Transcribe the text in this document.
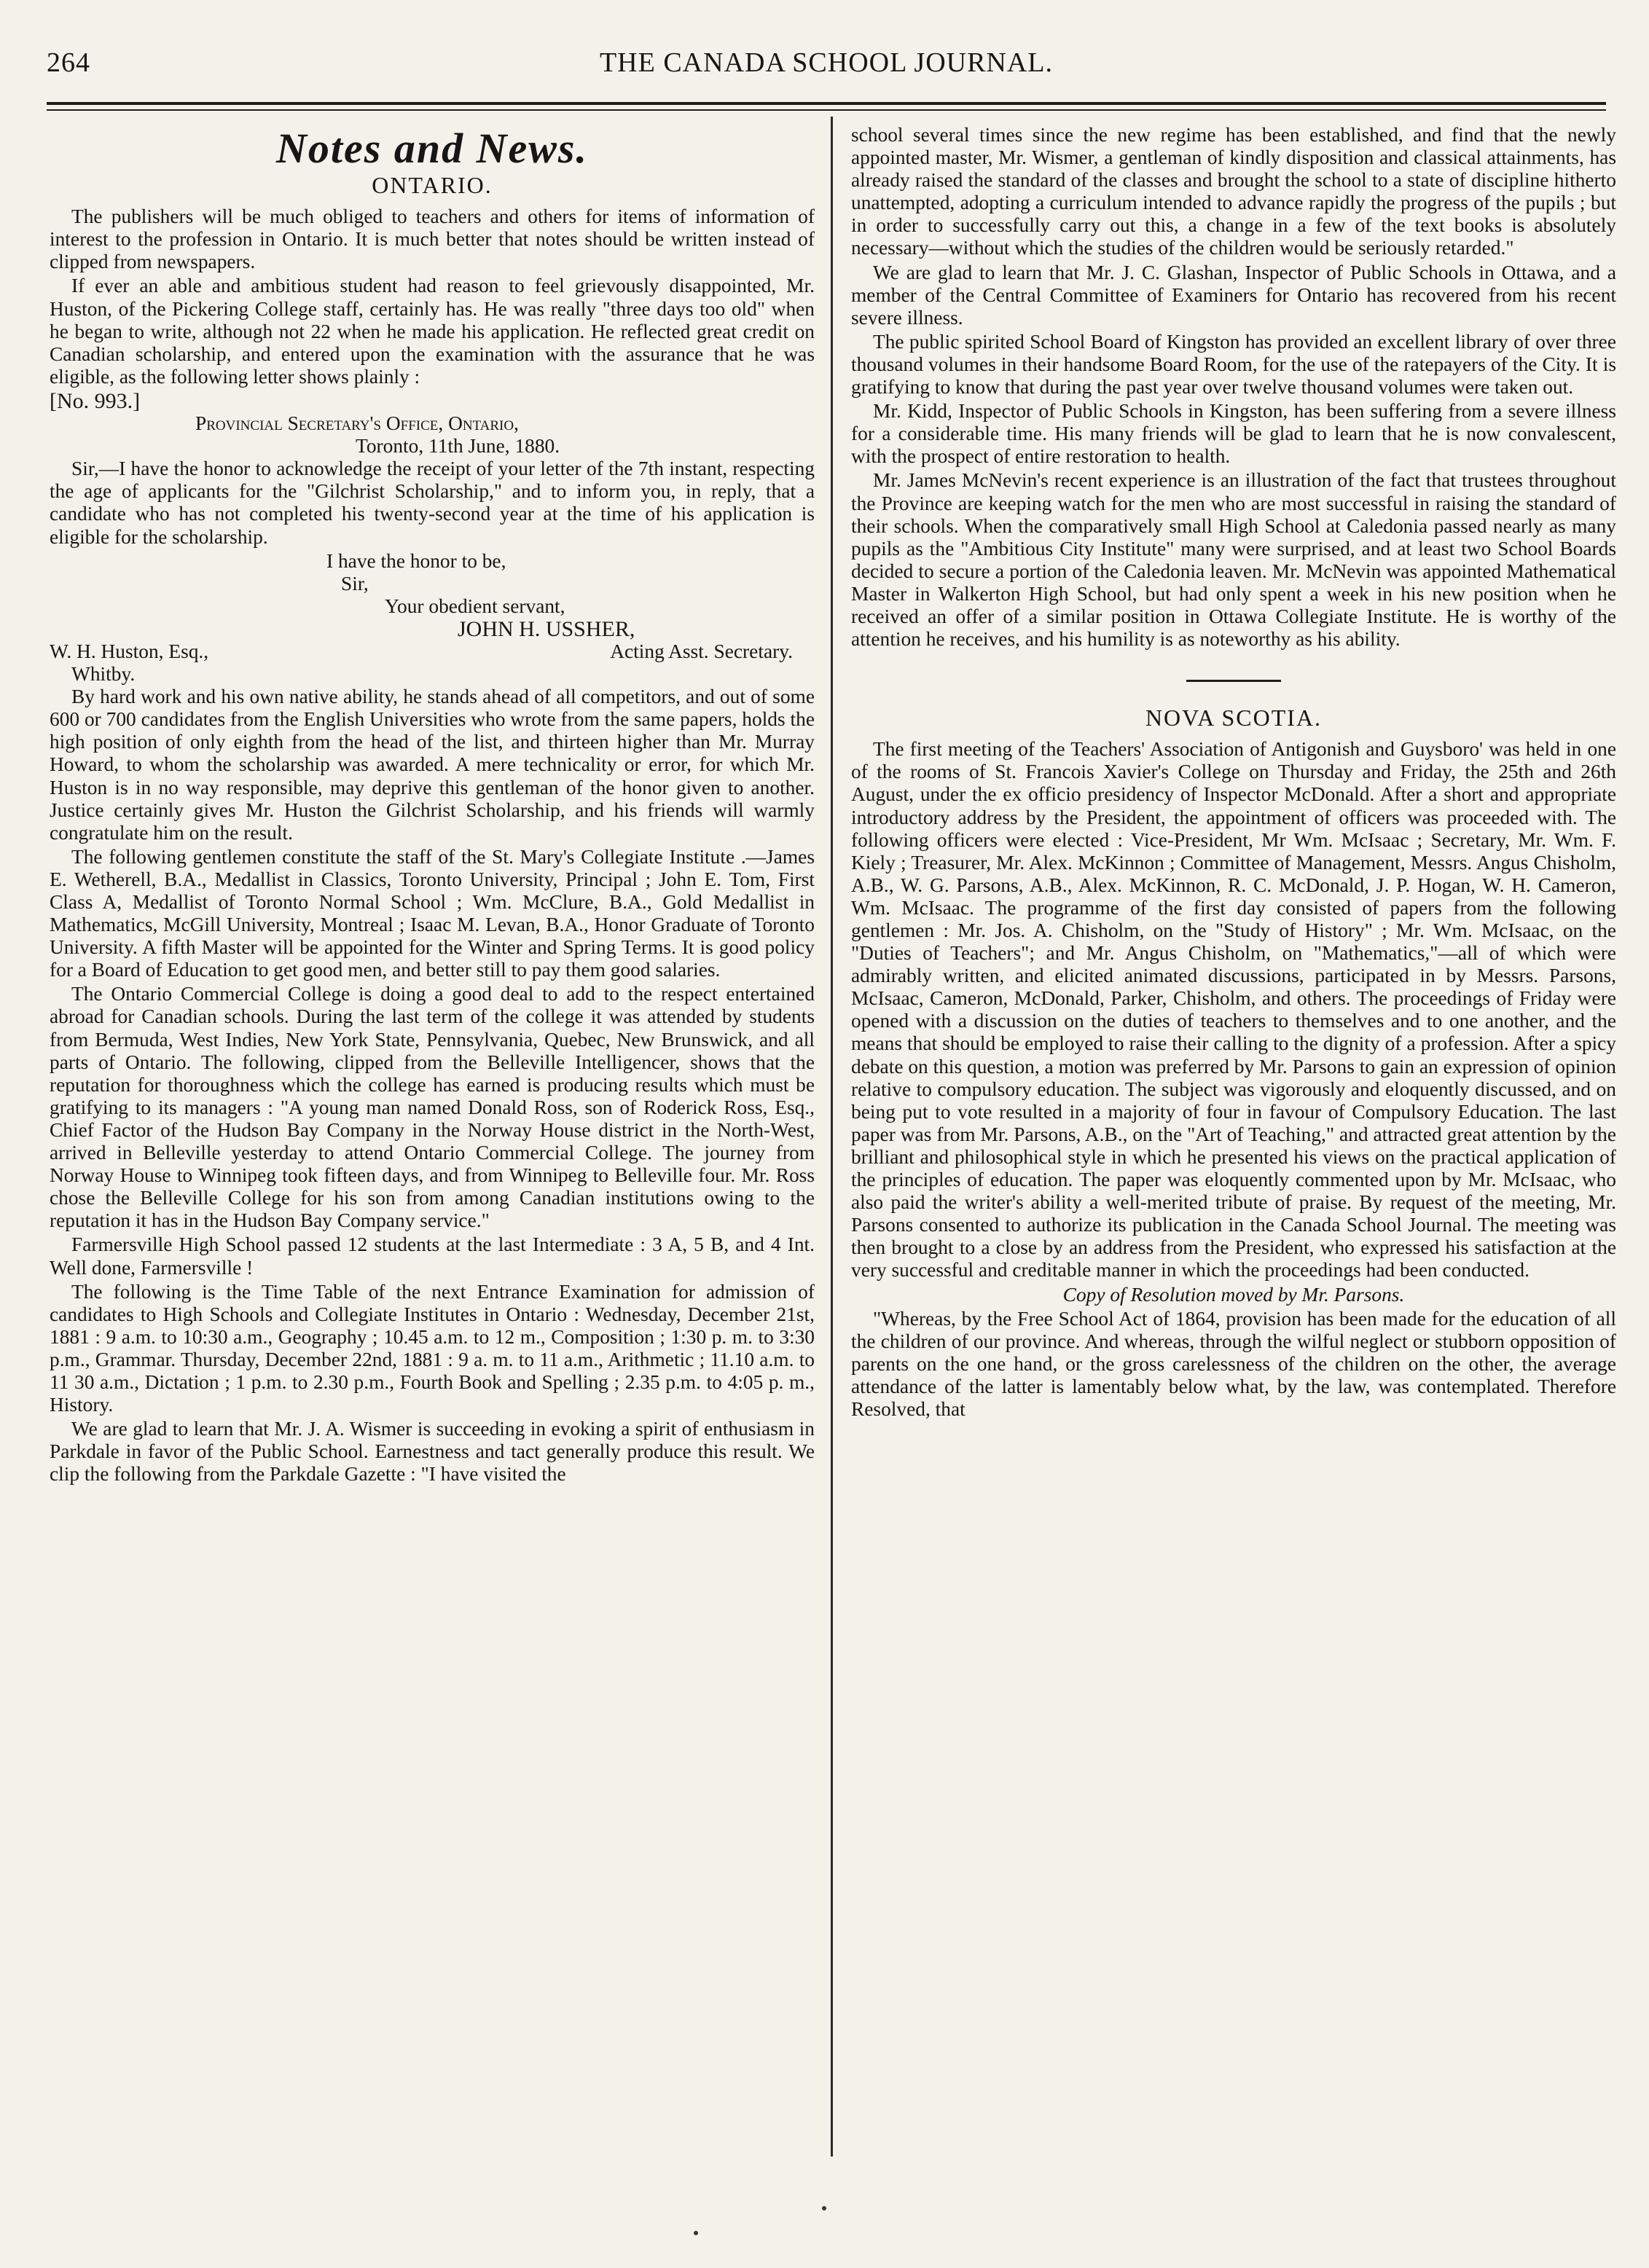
264	THE CANADA SCHOOL JOURNAL.
Notes and News.
ONTARIO.

The publishers will be much obliged to teachers and others for items of information of interest to the profession in Ontario. It is much better that notes should be written instead of clipped from newspapers.

If ever an able and ambitious student had reason to feel grievously disappointed, Mr. Huston, of the Pickering College staff, certainly has. He was really "three days too old" when he began to write, although not 22 when he made his application. He reflected great credit on Canadian scholarship, and entered upon the examination with the assurance that he was eligible, as the following letter shows plainly :

[No. 993.]
Provincial Secretary's Office, Ontario,
Toronto, 11th June, 1880.

Sir,—I have the honor to acknowledge the receipt of your letter of the 7th instant, respecting the age of applicants for the "Gilchrist Scholarship," and to inform you, in reply, that a candidate who has not completed his twenty-second year at the time of his application is eligible for the scholarship.

I have the honor to be,
Sir,
Your obedient servant,
JOHN H. USSHER,
W. H. Huston, Esq.,	Acting Asst. Secretary.
Whitby.

By hard work and his own native ability, he stands ahead of all competitors, and out of some 600 or 700 candidates from the English Universities who wrote from the same papers, holds the high position of only eighth from the head of the list, and thirteen higher than Mr. Murray Howard, to whom the scholarship was awarded. A mere technicality or error, for which Mr. Huston is in no way responsible, may deprive this gentleman of the honor given to another. Justice certainly gives Mr. Huston the Gilchrist Scholarship, and his friends will warmly congratulate him on the result.

The following gentlemen constitute the staff of the St. Mary's Collegiate Institute .—James E. Wetherell, B.A., Medallist in Classics, Toronto University, Principal ; John E. Tom, First Class A, Medallist of Toronto Normal School ; Wm. McClure, B.A., Gold Medallist in Mathematics, McGill University, Montreal ; Isaac M. Levan, B.A., Honor Graduate of Toronto University. A fifth Master will be appointed for the Winter and Spring Terms. It is good policy for a Board of Education to get good men, and better still to pay them good salaries.

The Ontario Commercial College is doing a good deal to add to the respect entertained abroad for Canadian schools. During the last term of the college it was attended by students from Bermuda, West Indies, New York State, Pennsylvania, Quebec, New Brunswick, and all parts of Ontario. The following, clipped from the Belleville Intelligencer, shows that the reputation for thoroughness which the college has earned is producing results which must be gratifying to its managers : "A young man named Donald Ross, son of Roderick Ross, Esq., Chief Factor of the Hudson Bay Company in the Norway House district in the North-West, arrived in Belleville yesterday to attend Ontario Commercial College. The journey from Norway House to Winnipeg took fifteen days, and from Winnipeg to Belleville four. Mr. Ross chose the Belleville College for his son from among Canadian institutions owing to the reputation it has in the Hudson Bay Company service."

Farmersville High School passed 12 students at the last Intermediate : 3 A, 5 B, and 4 Int. Well done, Farmersville !

The following is the Time Table of the next Entrance Examination for admission of candidates to High Schools and Collegiate Institutes in Ontario : Wednesday, December 21st, 1881 : 9 a.m. to 10:30 a.m., Geography ; 10.45 a.m. to 12 m., Composition ; 1:30 p. m. to 3:30 p.m., Grammar. Thursday, December 22nd, 1881 : 9 a. m. to 11 a.m., Arithmetic ; 11.10 a.m. to 11 30 a.m., Dictation ; 1 p.m. to 2.30 p.m., Fourth Book and Spelling ; 2.35 p.m. to 4:05 p. m., History.

We are glad to learn that Mr. J. A. Wismer is succeeding in evoking a spirit of enthusiasm in Parkdale in favor of the Public School. Earnestness and tact generally produce this result. We clip the following from the Parkdale Gazette : "I have visited the

school several times since the new regime has been established, and find that the newly appointed master, Mr. Wismer, a gentleman of kindly disposition and classical attainments, has already raised the standard of the classes and brought the school to a state of discipline hitherto unattempted, adopting a curriculum intended to advance rapidly the progress of the pupils ; but in order to successfully carry out this, a change in a few of the text books is absolutely necessary—without which the studies of the children would be seriously retarded."

We are glad to learn that Mr. J. C. Glashan, Inspector of Public Schools in Ottawa, and a member of the Central Committee of Examiners for Ontario has recovered from his recent severe illness.

The public spirited School Board of Kingston has provided an excellent library of over three thousand volumes in their handsome Board Room, for the use of the ratepayers of the City. It is gratifying to know that during the past year over twelve thousand volumes were taken out.

Mr. Kidd, Inspector of Public Schools in Kingston, has been suffering from a severe illness for a considerable time. His many friends will be glad to learn that he is now convalescent, with the prospect of entire restoration to health.

Mr. James McNevin's recent experience is an illustration of the fact that trustees throughout the Province are keeping watch for the men who are most successful in raising the standard of their schools. When the comparatively small High School at Caledonia passed nearly as many pupils as the "Ambitious City Institute" many were surprised, and at least two School Boards decided to secure a portion of the Caledonia leaven. Mr. McNevin was appointed Mathematical Master in Walkerton High School, but had only spent a week in his new position when he received an offer of a similar position in Ottawa Collegiate Institute. He is worthy of the attention he receives, and his humility is as noteworthy as his ability.

NOVA SCOTIA.

The first meeting of the Teachers' Association of Antigonish and Guysboro' was held in one of the rooms of St. Francois Xavier's College on Thursday and Friday, the 25th and 26th August, under the ex officio presidency of Inspector McDonald. After a short and appropriate introductory address by the President, the appointment of officers was proceeded with. The following officers were elected : Vice-President, Mr Wm. McIsaac ; Secretary, Mr. Wm. F. Kiely ; Treasurer, Mr. Alex. McKinnon ; Committee of Management, Messrs. Angus Chisholm, A.B., W. G. Parsons, A.B., Alex. McKinnon, R. C. McDonald, J. P. Hogan, W. H. Cameron, Wm. McIsaac. The programme of the first day consisted of papers from the following gentlemen : Mr. Jos. A. Chisholm, on the "Study of History" ; Mr. Wm. McIsaac, on the "Duties of Teachers"; and Mr. Angus Chisholm, on "Mathematics,"—all of which were admirably written, and elicited animated discussions, participated in by Messrs. Parsons, McIsaac, Cameron, McDonald, Parker, Chisholm, and others. The proceedings of Friday were opened with a discussion on the duties of teachers to themselves and to one another, and the means that should be employed to raise their calling to the dignity of a profession. After a spicy debate on this question, a motion was preferred by Mr. Parsons to gain an expression of opinion relative to compulsory education. The subject was vigorously and eloquently discussed, and on being put to vote resulted in a majority of four in favour of Compulsory Education. The last paper was from Mr. Parsons, A.B., on the "Art of Teaching," and attracted great attention by the brilliant and philosophical style in which he presented his views on the practical application of the principles of education. The paper was eloquently commented upon by Mr. McIsaac, who also paid the writer's ability a well-merited tribute of praise. By request of the meeting, Mr. Parsons consented to authorize its publication in the Canada School Journal. The meeting was then brought to a close by an address from the President, who expressed his satisfaction at the very successful and creditable manner in which the proceedings had been conducted.

Copy of Resolution moved by Mr. Parsons.

"Whereas, by the Free School Act of 1864, provision has been made for the education of all the children of our province. And whereas, through the wilful neglect or stubborn opposition of parents on the one hand, or the gross carelessness of the children on the other, the average attendance of the latter is lamentably below what, by the law, was contemplated. Therefore Resolved, that
